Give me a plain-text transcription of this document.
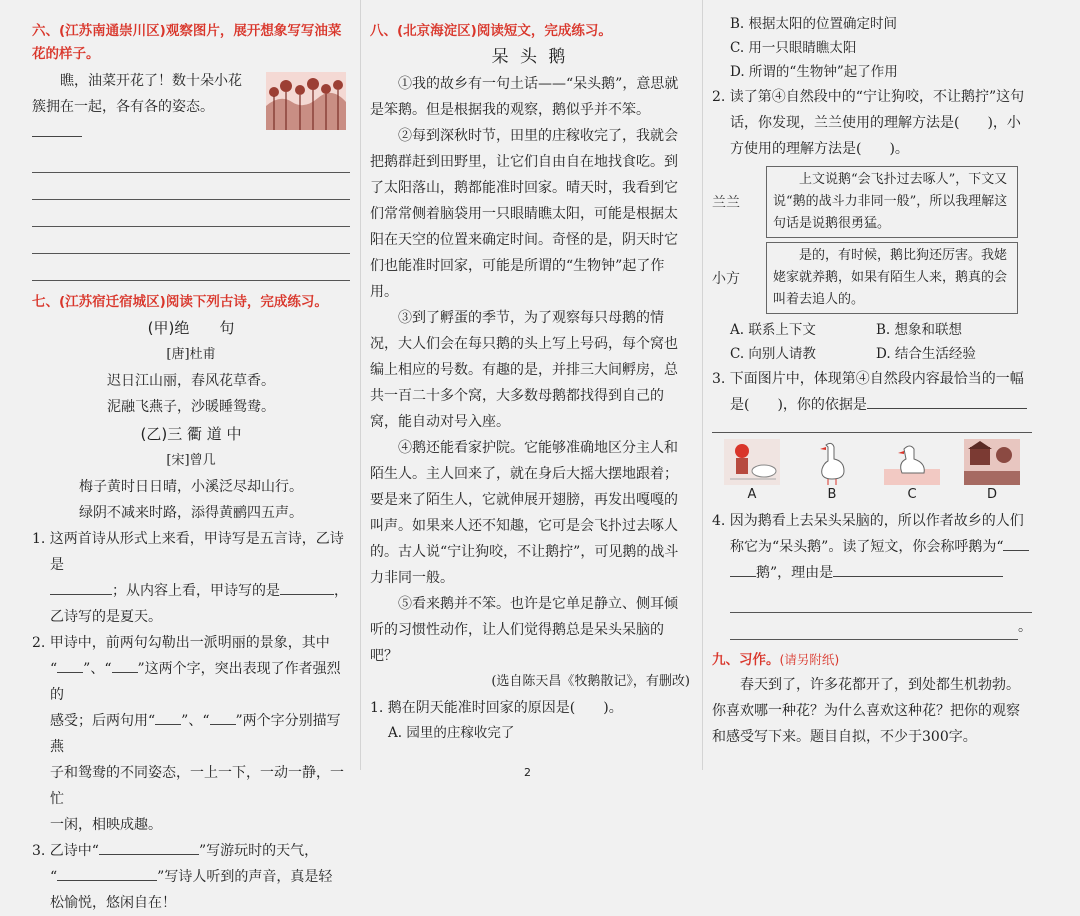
六、(江苏南通崇川区)观察图片，展开想象写写油菜花的样子。

瞧，油菜开花了！数十朵小花簇拥在一起，各有各的姿态。

七、(江苏宿迁宿城区)阅读下列古诗，完成练习。

(甲)绝　　句

[唐]杜甫

迟日江山丽，春风花草香。

泥融飞燕子，沙暖睡鸳鸯。

(乙)三 衢 道 中

[宋]曾几

梅子黄时日日晴，小溪泛尽却山行。

绿阴不减来时路，添得黄鹂四五声。

1. 这两首诗从形式上来看，甲诗写是五言诗，乙诗是
；从内容上看，甲诗写的是	，
乙诗写的是夏天。

2. 甲诗中，前两句勾勒出一派明丽的景象，其中
“ ”、“ ”这两个字，突出表现了作者强烈的
感受；后两句用“ ”、“ ”两个字分别描写燕
子和鸳鸯的不同姿态，一上一下，一动一静，一忙
一闲，相映成趣。

3. 乙诗中“	”写游玩时的天气，
“	”写诗人听到的声音，真是轻
松愉悦，悠闲自在！

八、(北京海淀区)阅读短文，完成练习。

呆 头 鹅

①我的故乡有一句土话——“呆头鹅”，意思就是笨鹅。但是根据我的观察，鹅似乎并不笨。

②每到深秋时节，田里的庄稼收完了，我就会把鹅群赶到田野里，让它们自由自在地找食吃。到了太阳落山，鹅都能准时回家。晴天时，我看到它们常常侧着脑袋用一只眼睛瞧太阳，可能是根据太阳在天空的位置来确定时间。奇怪的是，阴天时它们也能准时回家，可能是所谓的“生物钟”起了作用。

③到了孵蛋的季节，为了观察每只母鹅的情况，大人们会在每只鹅的头上写上号码，每个窝也编上相应的号数。有趣的是，并排三大间孵房，总共一百二十多个窝，大多数母鹅都找得到自己的窝，能自动对号入座。

④鹅还能看家护院。它能够准确地区分主人和陌生人。主人回来了，就在身后大摇大摆地跟着；要是来了陌生人，它就伸展开翅膀，再发出嘎嘎的叫声。如果来人还不知趣，它可是会飞扑过去啄人的。古人说“宁让狗咬，不让鹅拧”，可见鹅的战斗力非同一般。

⑤看来鹅并不笨。也许是它单足静立、侧耳倾听的习惯性动作，让人们觉得鹅总是呆头呆脑的吧？

(选自陈天昌《牧鹅散记》，有删改)

1. 鹅在阴天能准时回家的原因是(　　)。

A. 园里的庄稼收完了

B. 根据太阳的位置确定时间

C. 用一只眼睛瞧太阳

D. 所谓的“生物钟”起了作用

2. 读了第④自然段中的“宁让狗咬，不让鹅拧”这句话，你发现，兰兰使用的理解方法是(　　)，小方使用的理解方法是(　　)。

兰兰
上文说鹅“会飞扑过去啄人”，下文又说“鹅的战斗力非同一般”，所以我理解这句话是说鹅很勇猛。
小方
是的，有时候，鹅比狗还厉害。我姥姥家就养鹅，如果有陌生人来，鹅真的会叫着去追人的。
A. 联系上下文	B. 想象和联想
C. 向别人请教	D. 结合生活经验

3. 下面图片中，体现第④自然段内容最恰当的一幅
是(　　)，你的依据是

A	B	C	D

4. 因为鹅看上去呆头呆脑的，所以作者故乡的人们
称它为“呆头鹅”。读了短文，你会称呼鹅为“
鹅”，理由是

。
九、习作。(请另附纸)

春天到了，许多花都开了，到处都生机勃勃。你喜欢哪一种花？为什么喜欢这种花？把你的观察和感受写下来。题目自拟，不少于300字。

2
